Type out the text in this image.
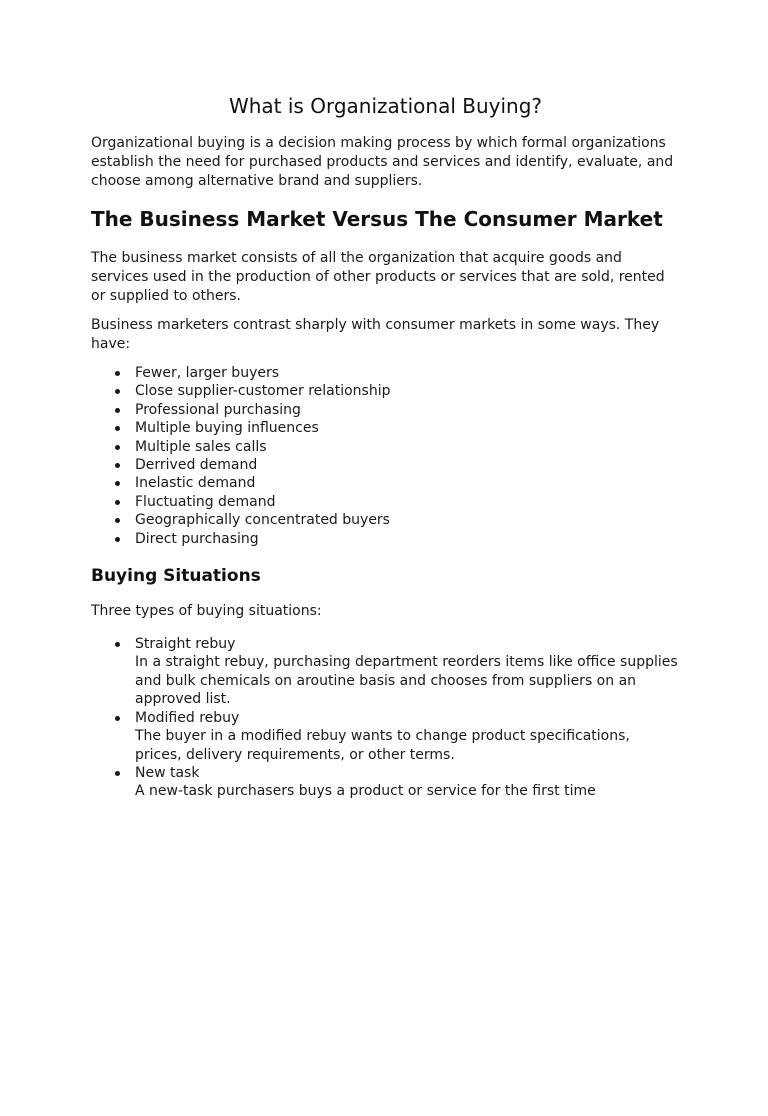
What is Organizational Buying?

Organizational buying is a decision making process by which formal organizations establish the need for purchased products and services and identify, evaluate, and choose among alternative brand and suppliers.

The Business Market Versus The Consumer Market

The business market consists of all the organization that acquire goods and services used in the production of other products or services that are sold, rented or supplied to others.

Business marketers contrast sharply with consumer markets in some ways. They have:

Fewer, larger buyers
Close supplier-customer relationship
Professional purchasing
Multiple buying influences
Multiple sales calls
Derrived demand
Inelastic demand
Fluctuating demand
Geographically concentrated buyers
Direct purchasing
Buying Situations

Three types of buying situations:

Straight rebuy
In a straight rebuy, purchasing department reorders items like office supplies and bulk chemicals on aroutine basis and chooses from suppliers on an approved list.
Modified rebuy
The buyer in a modified rebuy wants to change product specifications, prices, delivery requirements, or other terms.
New task
A new-task purchasers buys a product or service for the first time
